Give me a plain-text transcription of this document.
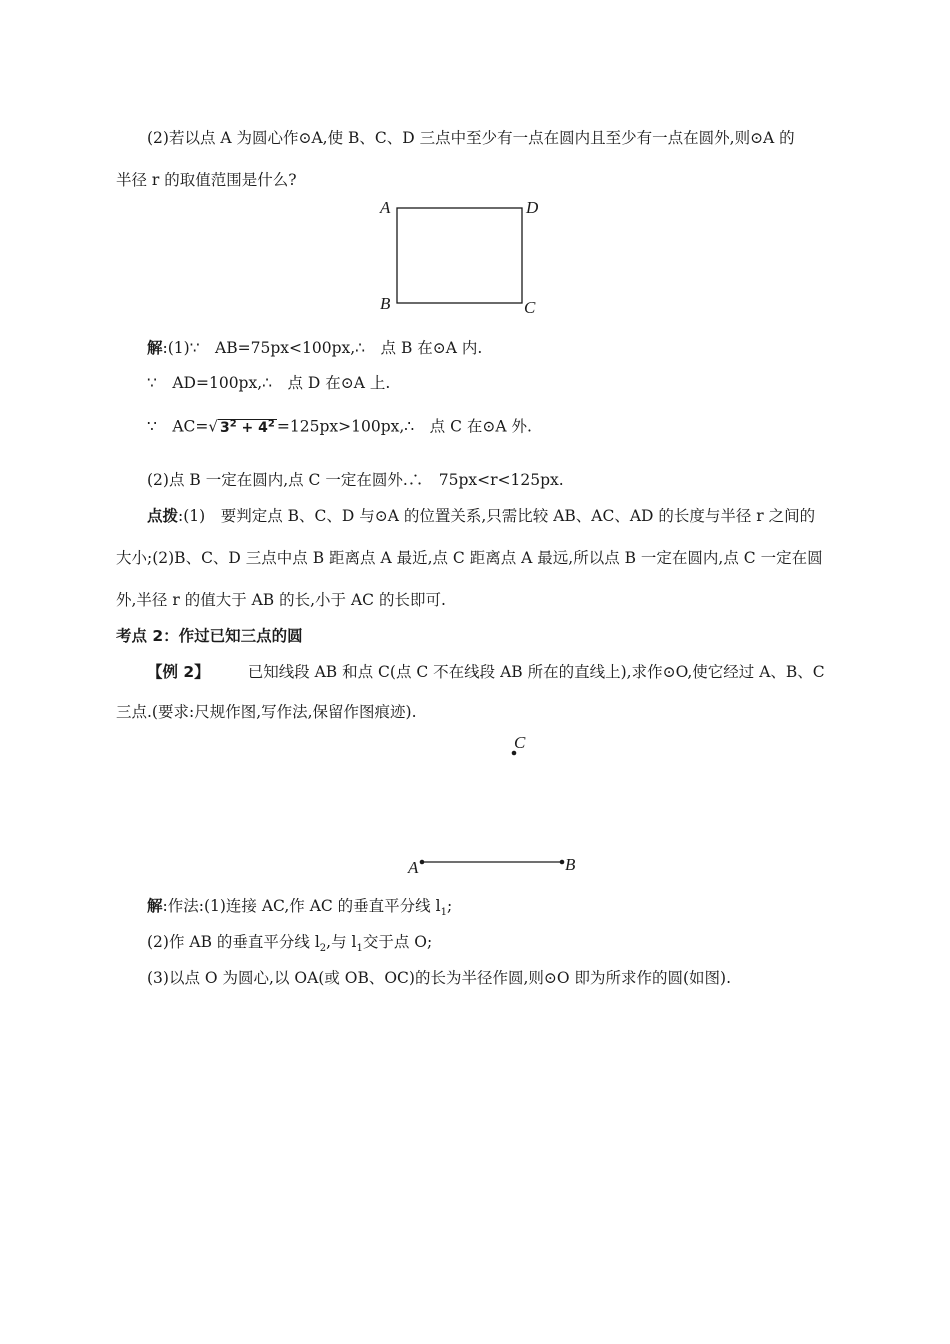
(2)若以点 A 为圆心作⊙A,使 B、C、D 三点中至少有一点在圆内且至少有一点在圆外,则⊙A 的
半径 r 的取值范围是什么?
A	D
B	C
解:(1)∵　AB=75px<100px,∴　点 B 在⊙A 内.
∵　AD=100px,∴　点 D 在⊙A 上.
∵　AC=√ $3^2 + 4^2$ =125px>100px,∴　点 C 在⊙A 外.
(2)点 B 一定在圆内,点 C 一定在圆外.∴　75px<r<125px.
点拨:(1)　要判定点 B、C、D 与⊙A 的位置关系,只需比较 AB、AC、AD 的长度与半径 r 之间的
大小;(2)B、C、D 三点中点 B 距离点 A 最近,点 C 距离点 A 最远,所以点 B 一定在圆内,点 C 一定在圆
外,半径 r 的值大于 AB 的长,小于 AC 的长即可.
考点 2：作过已知三点的圆
【例 2】 已知线段 AB 和点 C(点 C 不在线段 AB 所在的直线上),求作⊙O,使它经过 A、B、C
三点.(要求:尺规作图,写作法,保留作图痕迹).
C
A	B
解:作法:(1)连接 AC,作 AC 的垂直平分线 $l_1$;
(2)作 AB 的垂直平分线 $l_2$,与 $l_1$交于点 O;
(3)以点 O 为圆心,以 OA(或 OB、OC)的长为半径作圆,则⊙O 即为所求作的圆(如图).
